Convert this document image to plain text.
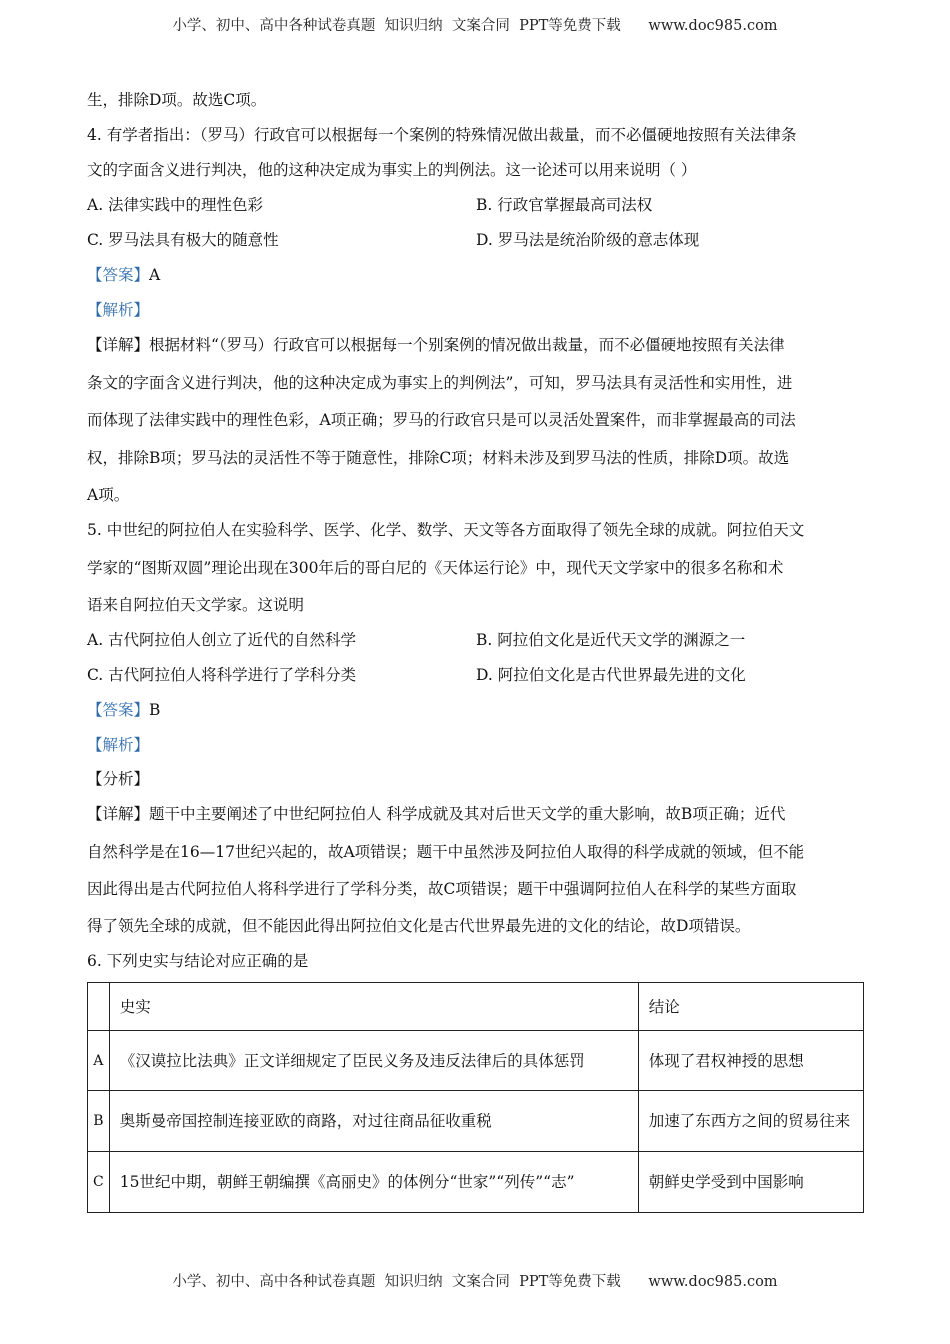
小学、初中、高中各种试卷真题  知识归纳  文案合同  PPT等免费下载      www.doc985.com
生，排除D项。故选C项。
4. 有学者指出：（罗马）行政官可以根据每一个案例的特殊情况做出裁量，而不必僵硬地按照有关法律条
文的字面含义进行判决，他的这种决定成为事实上的判例法。这一论述可以用来说明（ ）
A. 法律实践中的理性色彩	B. 行政官掌握最高司法权
C. 罗马法具有极大的随意性	D. 罗马法是统治阶级的意志体现
【答案】A
【解析】
【详解】根据材料“（罗马）行政官可以根据每一个别案例的情况做出裁量，而不必僵硬地按照有关法律
条文的字面含义进行判决，他的这种决定成为事实上的判例法”，可知，罗马法具有灵活性和实用性，进
而体现了法律实践中的理性色彩，A项正确；罗马的行政官只是可以灵活处置案件，而非掌握最高的司法
权，排除B项；罗马法的灵活性不等于随意性，排除C项；材料未涉及到罗马法的性质，排除D项。故选
A项。
5. 中世纪的阿拉伯人在实验科学、医学、化学、数学、天文等各方面取得了领先全球的成就。阿拉伯天文
学家的“图斯双圆”理论出现在300年后的哥白尼的《天体运行论》中，现代天文学家中的很多名称和术
语来自阿拉伯天文学家。这说明
A. 古代阿拉伯人创立了近代的自然科学	B. 阿拉伯文化是近代天文学的渊源之一
C. 古代阿拉伯人将科学进行了学科分类	D. 阿拉伯文化是古代世界最先进的文化
【答案】B
【解析】
【分析】
【详解】题干中主要阐述了中世纪阿拉伯人 科学成就及其对后世天文学的重大影响，故B项正确；近代
自然科学是在16—17世纪兴起的，故A项错误；题干中虽然涉及阿拉伯人取得的科学成就的领域，但不能
因此得出是古代阿拉伯人将科学进行了学科分类，故C项错误；题干中强调阿拉伯人在科学的某些方面取
得了领先全球的成就，但不能因此得出阿拉伯文化是古代世界最先进的文化的结论，故D项错误。
6. 下列史实与结论对应正确的是
	史实	结论
A	《汉谟拉比法典》正文详细规定了臣民义务及违反法律后的具体惩罚	体现了君权神授的思想
B	奥斯曼帝国控制连接亚欧的商路，对过往商品征收重税	加速了东西方之间的贸易往来
C	15世纪中期，朝鲜王朝编撰《高丽史》的体例分“世家”“列传”“志”	朝鲜史学受到中国影响
小学、初中、高中各种试卷真题  知识归纳  文案合同  PPT等免费下载      www.doc985.com
